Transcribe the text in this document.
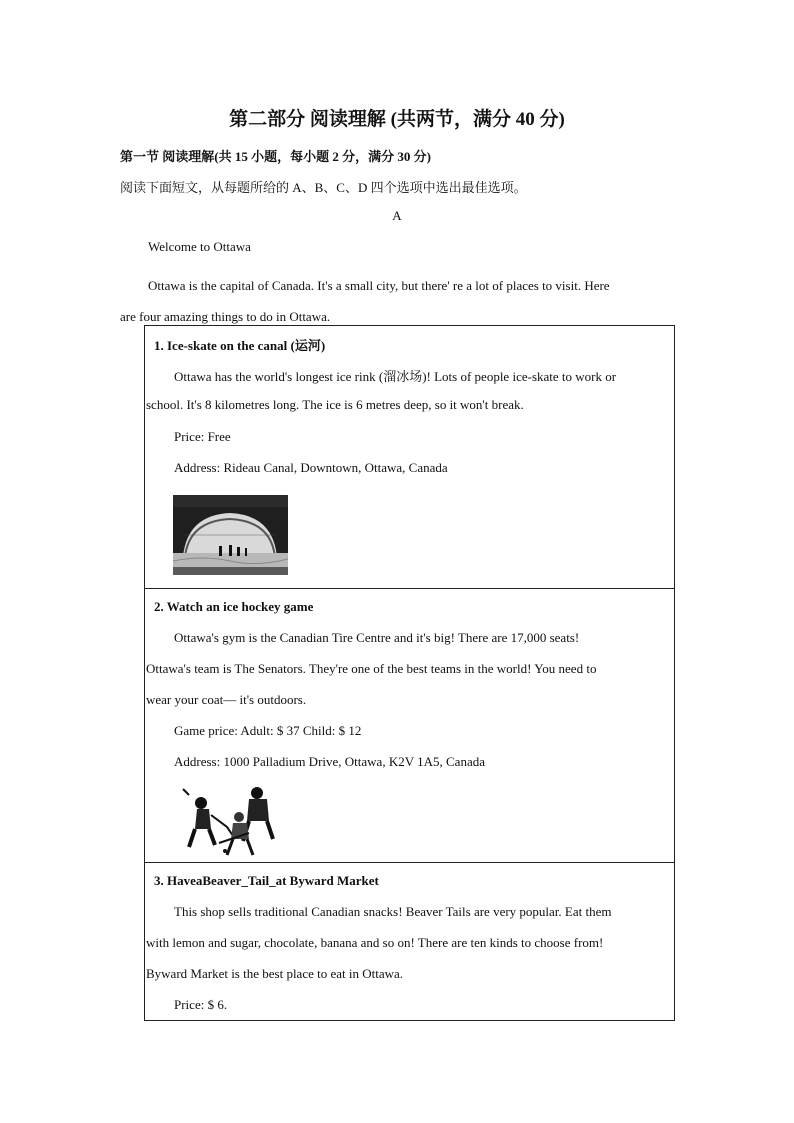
第二部分 阅读理解 (共两节，满分 40 分)
第一节 阅读理解(共 15 小题，每小题 2 分，满分 30 分)
阅读下面短文，从每题所给的 A、B、C、D 四个选项中选出最佳选项。
A
Welcome to Ottawa
Ottawa is the capital of Canada. It's a small city, but there' re a lot of places to visit. Here
are four amazing things to do in Ottawa.
1. Ice-skate on the canal (运河)
Ottawa has the world's longest ice rink (溜冰场)! Lots of people ice-skate to work or
school. It's 8 kilometres long. The ice is 6 metres deep, so it won't break.
Price: Free
Address: Rideau Canal, Downtown, Ottawa, Canada
2. Watch an ice hockey game
Ottawa's gym is the Canadian Tire Centre and it's big! There are 17,000 seats!
Ottawa's team is The Senators. They're one of the best teams in the world! You need to
wear your coat— it's outdoors.
Game price: Adult: $ 37 Child: $ 12
Address: 1000 Palladium Drive, Ottawa, K2V 1A5, Canada
3. HaveaBeaver_Tail_at Byward Market
This shop sells traditional Canadian snacks! Beaver Tails are very popular. Eat them
with lemon and sugar, chocolate, banana and so on! There are ten kinds to choose from!
Byward Market is the best place to eat in Ottawa.
Price: $ 6.
